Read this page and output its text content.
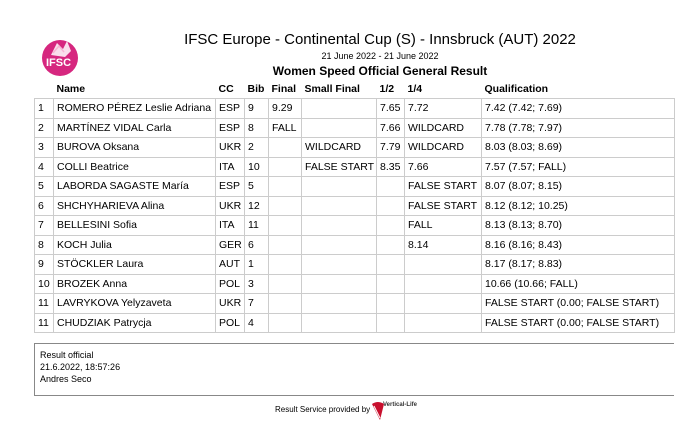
IFSC
IFSC Europe - Continental Cup (S) - Innsbruck (AUT) 2022
21 June 2022 - 21 June 2022
Women Speed Official General Result
	Name	CC	Bib	Final	Small Final	1/2	1/4	Qualification
1	ROMERO PÉREZ Leslie Adriana	ESP	9	9.29		7.65	7.72	7.42 (7.42; 7.69)
2	MARTÍNEZ VIDAL Carla	ESP	8	FALL		7.66	WILDCARD	7.78 (7.78; 7.97)
3	BUROVA Oksana	UKR	2		WILDCARD	7.79	WILDCARD	8.03 (8.03; 8.69)
4	COLLI Beatrice	ITA	10		FALSE START	8.35	7.66	7.57 (7.57; FALL)
5	LABORDA SAGASTE María	ESP	5				FALSE START	8.07 (8.07; 8.15)
6	SHCHYHARIEVA Alina	UKR	12				FALSE START	8.12 (8.12; 10.25)
7	BELLESINI Sofia	ITA	11				FALL	8.13 (8.13; 8.70)
8	KOCH Julia	GER	6				8.14	8.16 (8.16; 8.43)
9	STÖCKLER Laura	AUT	1					8.17 (8.17; 8.83)
10	BROZEK Anna	POL	3					10.66 (10.66; FALL)
11	LAVRYKOVA Yelyzaveta	UKR	7					FALSE START (0.00; FALSE START)
11	CHUDZIAK Patrycja	POL	4					FALSE START (0.00; FALSE START)
Result official
21.6.2022, 18:57:26
Andres Seco
Result Service provided by Vertical-Life
